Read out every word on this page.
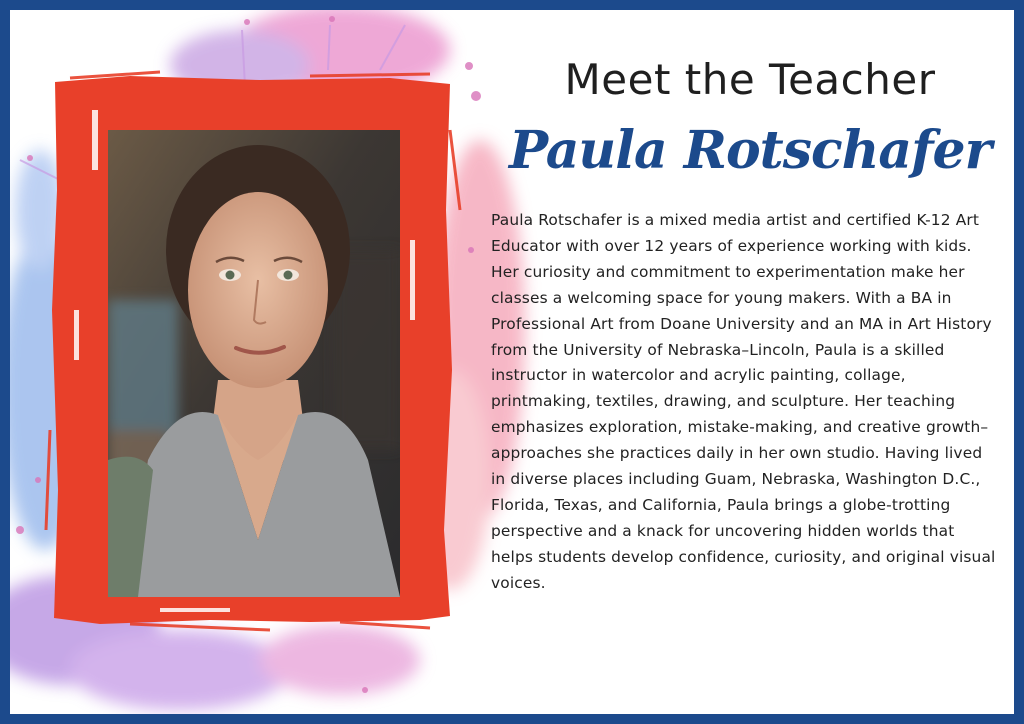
Meet the Teacher
Paula Rotschafer

Paula Rotschafer is a mixed media artist and certified K-12 Art Educator with over 12 years of experience working with kids. Her curiosity and commitment to experimentation make her classes a welcoming space for young makers. With a BA in Professional Art from Doane University and an MA in Art History from the University of Nebraska–Lincoln, Paula is a skilled instructor in watercolor and acrylic painting, collage, printmaking, textiles, drawing, and sculpture. Her teaching emphasizes exploration, mistake-making, and creative growth–approaches she practices daily in her own studio. Having lived in diverse places including Guam, Nebraska, Washington D.C., Florida, Texas, and California, Paula brings a globe-trotting perspective and a knack for uncovering hidden worlds that helps students develop confidence, curiosity, and original visual voices.
